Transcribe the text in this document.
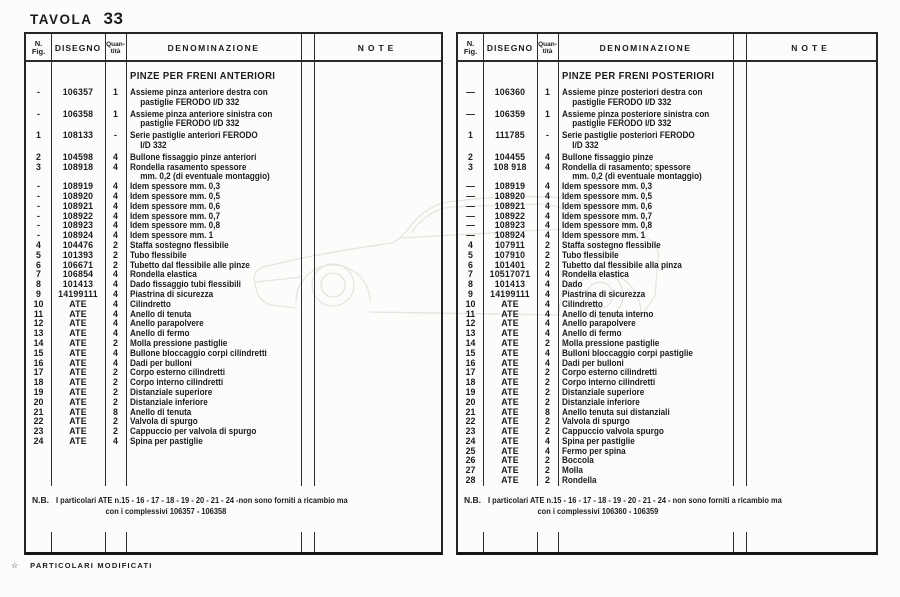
TAVOLA 33
N.
Fig. DISEGNO Quan-
tità	DENOMINAZIONE	NOTE
PINZE PER FRENI ANTERIORI
-	106357	1	Assieme pinza anteriore destra con
pastiglie FERODO I/D 332
-	106358	1	Assieme pinza anteriore sinistra con
pastiglie FERODO I/D 332
1	108133	-	Serie pastiglie anteriori FERODO
I/D 332
2	104598	4	Bullone fissaggio pinze anteriori
3	108918	4	Rondella rasamento spessore
mm. 0,2 (di eventuale montaggio)
-	108919	4	Idem spessore mm. 0,3
-	108920	4	Idem spessore mm. 0,5
-	108921	4	Idem spessore mm. 0,6
-	108922	4	Idem spessore mm. 0,7
-	108923	4	Idem spessore mm. 0,8
-	108924	4	Idem spessore mm. 1
4	104476	2	Staffa sostegno flessibile
5	101393	2	Tubo flessibile
6	106671	2	Tubetto dal flessibile alle pinze
7	106854	4	Rondella elastica
8	101413	4	Dado fissaggio tubi flessibili
9	14199111	4	Piastrina di sicurezza
10	ATE	4	Cilindretto
11	ATE	4	Anello di tenuta
12	ATE	4	Anello parapolvere
13	ATE	4	Anello di fermo
14	ATE	2	Molla pressione pastiglie
15	ATE	4	Bullone bloccaggio corpi cilindretti
16	ATE	4	Dadi per bulloni
17	ATE	2	Corpo esterno cilindretti
18	ATE	2	Corpo interno cilindretti
19	ATE	2	Distanziale superiore
20	ATE	2	Distanziale inferiore
21	ATE	8	Anello di tenuta
22	ATE	2	Valvola di spurgo
23	ATE	2	Cappuccio per valvola di spurgo
24	ATE	4	Spina per pastiglie
N.B. I particolari ATE n.15 - 16 - 17 - 18 - 19 - 20 - 21 - 24 -non sono forniti a ricambio ma
con i complessivi 106357 - 106358
N.
Fig. DISEGNO Quan-
tità	DENOMINAZIONE	NOTE
PINZE PER FRENI POSTERIORI
—	106360	1	Assieme pinze posteriori destra con
pastiglie FERODO I/D 332
—	106359	1	Assieme pinza posteriore sinistra con
pastiglie FERODO I/D 332
1	111785	-	Serie pastiglie posteriori FERODO
I/D 332
2	104455	4	Bullone fissaggio pinze
3	108 918	4	Rondella di rasamento; spessore
mm. 0,2 (di eventuale montaggio)
—	108919	4	Idem spessore mm. 0,3
—	108920	4	Idem spessore mm. 0,5
—	108921	4	Idem spessore mm. 0,6
—	108922	4	Idem spessore mm. 0,7
—	108923	4	Idem spessore mm. 0,8
—	108924	4	Idem spessore mm. 1
4	107911	2	Staffa sostegno flessibile
5	107910	2	Tubo flessibile
6	101401	2	Tubetto dal flessibile alla pinza
7	10517071	4	Rondella elastica
8	101413	4	Dado
9	14199111	4	Piastrina di sicurezza
10	ATE	4	Cilindretto
11	ATE	4	Anello di tenuta interno
12	ATE	4	Anello parapolvere
13	ATE	4	Anello di fermo
14	ATE	2	Molla pressione pastiglie
15	ATE	4	Bulloni bloccaggio corpi pastiglie
16	ATE	4	Dadi per bulloni
17	ATE	2	Corpo esterno cilindretti
18	ATE	2	Corpo interno cilindretti
19	ATE	2	Distanziale superiore
20	ATE	2	Distanziale inferiore
21	ATE	8	Anello tenuta sui distanziali
22	ATE	2	Valvola di spurgo
23	ATE	2	Cappuccio valvola spurgo
24	ATE	4	Spina per pastiglie
25	ATE	4	Fermo per spina
26	ATE	2	Boccola
27	ATE	2	Molla
28	ATE	2	Rondella
N.B. I particolari ATE n.15 - 16 - 17 - 18 - 19 - 20 - 21 - 24 - non sono forniti a ricambio ma
con i complessivi 106360 - 106359
☆ PARTICOLARI MODIFICATI
